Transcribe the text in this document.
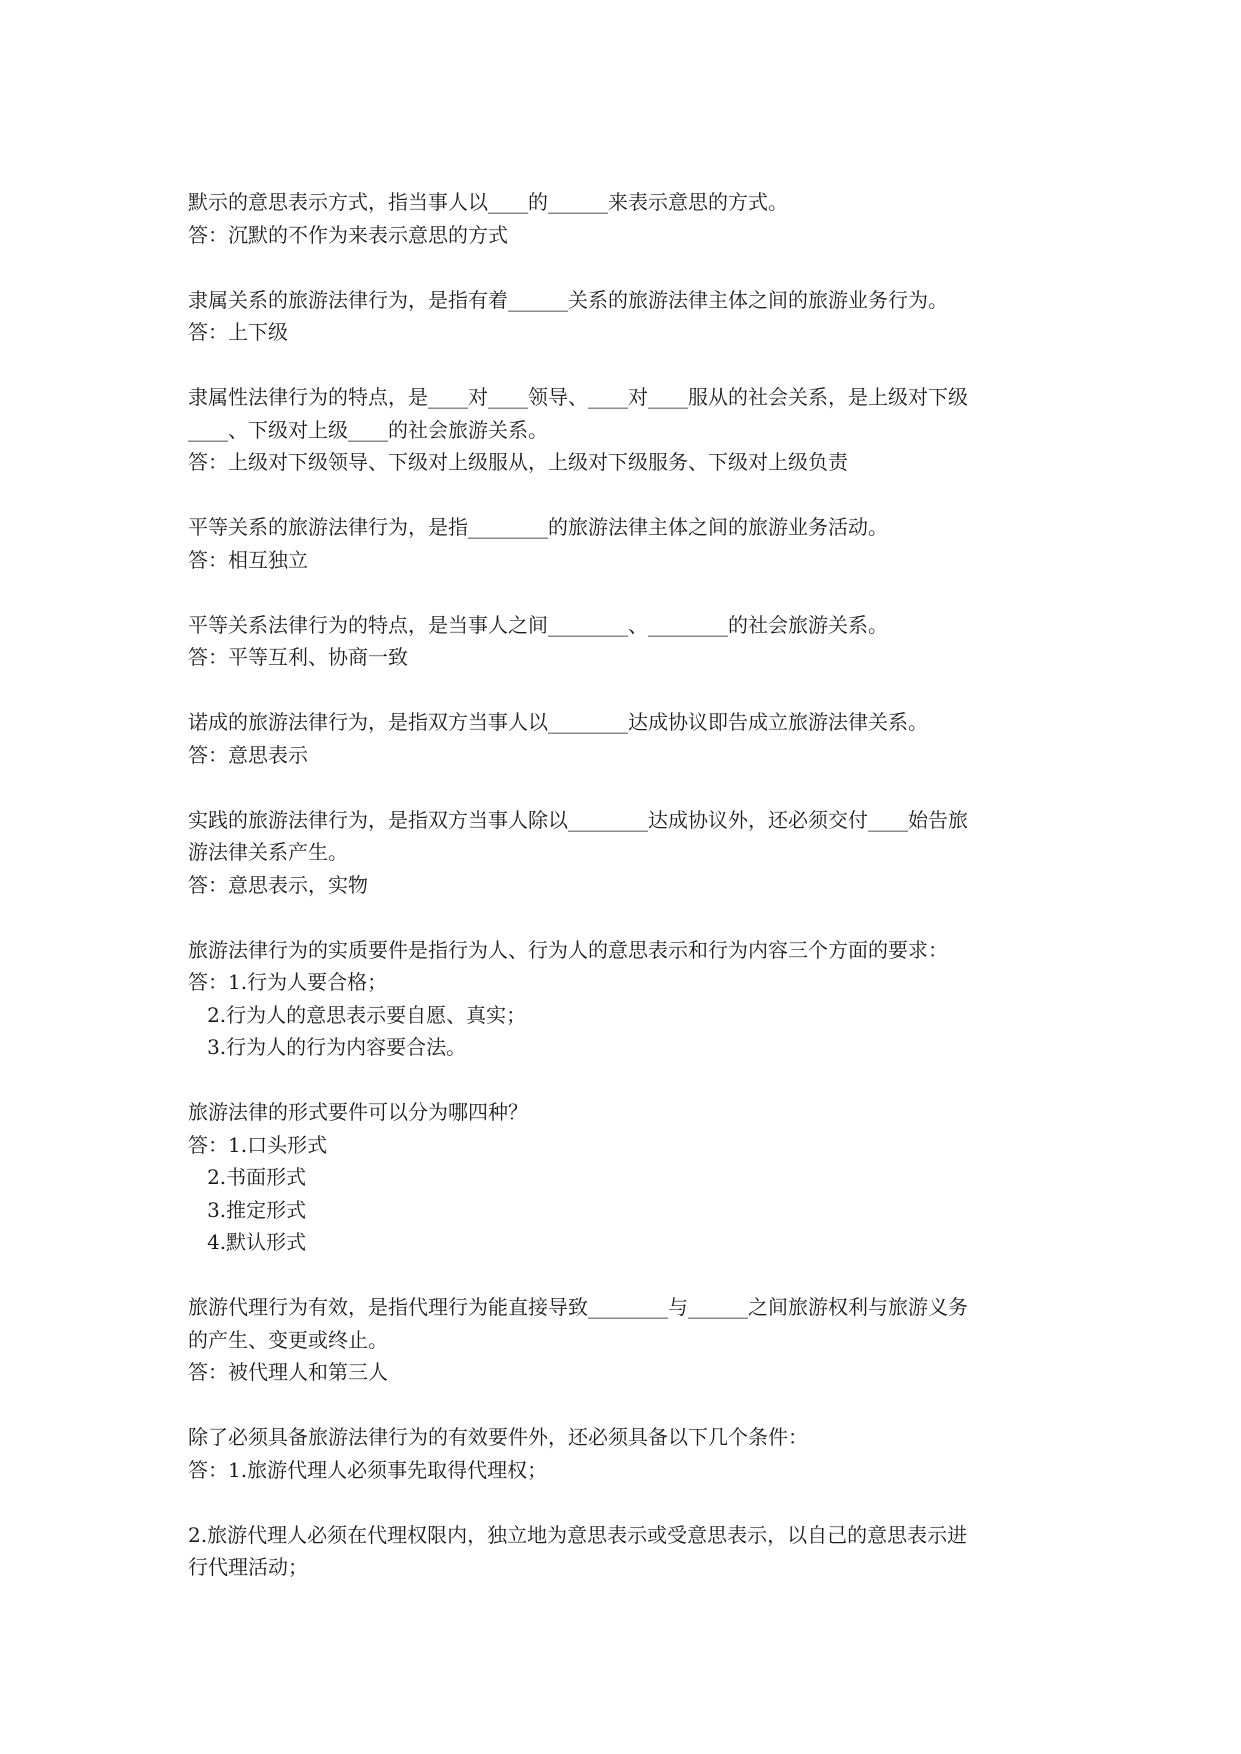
默示的意思表示方式，指当事人以____的______来表示意思的方式。

答：沉默的不作为来表示意思的方式

隶属关系的旅游法律行为，是指有着______关系的旅游法律主体之间的旅游业务行为。

答：上下级

隶属性法律行为的特点，是____对____领导、____对____服从的社会关系，是上级对下级

____、下级对上级____的社会旅游关系。

答：上级对下级领导、下级对上级服从，上级对下级服务、下级对上级负责

平等关系的旅游法律行为，是指________的旅游法律主体之间的旅游业务活动。

答：相互独立

平等关系法律行为的特点，是当事人之间________、________的社会旅游关系。

答：平等互利、协商一致

诺成的旅游法律行为，是指双方当事人以________达成协议即告成立旅游法律关系。

答：意思表示

实践的旅游法律行为，是指双方当事人除以________达成协议外，还必须交付____始告旅

游法律关系产生。

答：意思表示，实物

旅游法律行为的实质要件是指行为人、行为人的意思表示和行为内容三个方面的要求：

答：1.行为人要合格；

2.行为人的意思表示要自愿、真实；

3.行为人的行为内容要合法。

旅游法律的形式要件可以分为哪四种？

答：1.口头形式

2.书面形式

3.推定形式

4.默认形式

旅游代理行为有效，是指代理行为能直接导致________与______之间旅游权利与旅游义务

的产生、变更或终止。

答：被代理人和第三人

除了必须具备旅游法律行为的有效要件外，还必须具备以下几个条件：

答：1.旅游代理人必须事先取得代理权；

2.旅游代理人必须在代理权限内，独立地为意思表示或受意思表示，以自己的意思表示进

行代理活动；
